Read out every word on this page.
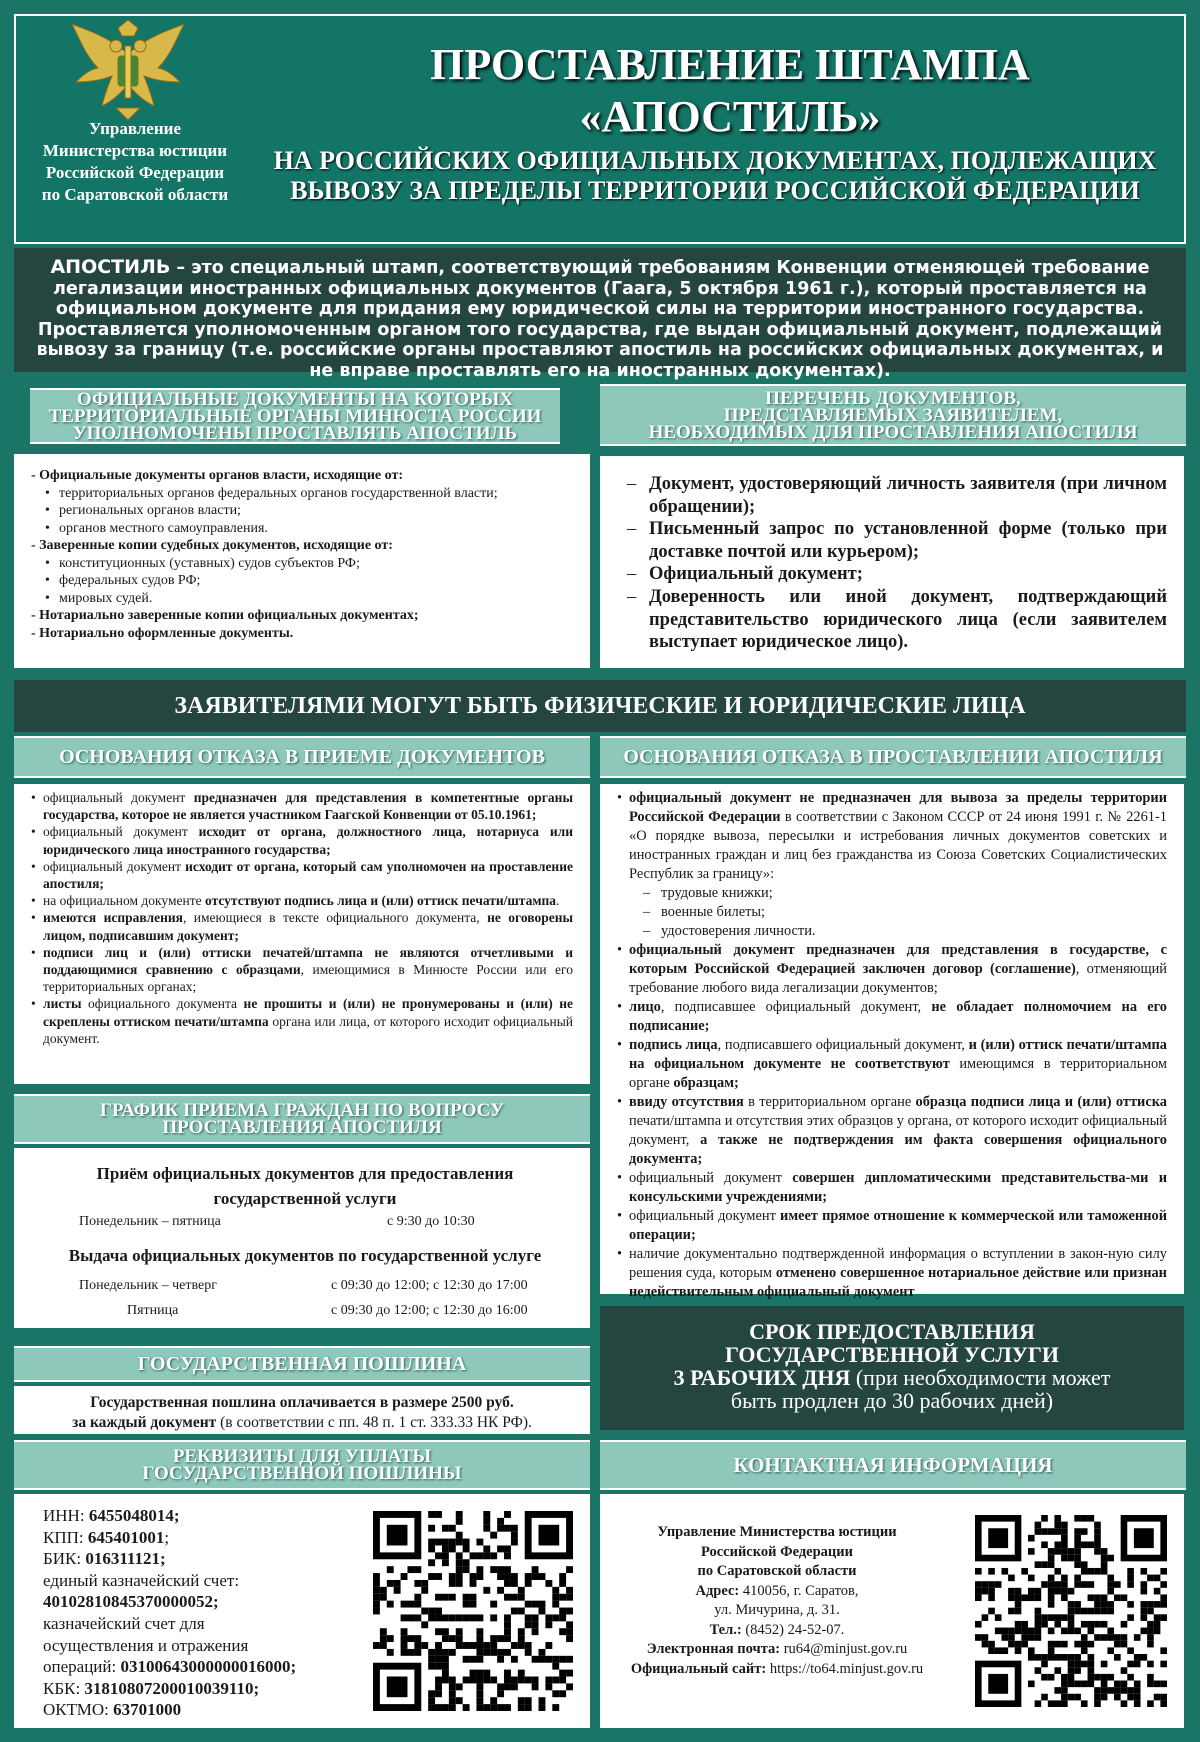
Управление
Министерства юстиции
Российской Федерации
по Саратовской области
ПРОСТАВЛЕНИЕ ШТАМПА
«АПОСТИЛЬ»
НА РОССИЙСКИХ ОФИЦИАЛЬНЫХ ДОКУМЕНТАХ, ПОДЛЕЖАЩИХ
ВЫВОЗУ ЗА ПРЕДЕЛЫ ТЕРРИТОРИИ РОССИЙСКОЙ ФЕДЕРАЦИИ
АПОСТИЛЬ – это специальный штамп, соответствующий требованиям Конвенции отменяющей требование легализации иностранных официальных документов (Гаага, 5 октября 1961 г.), который проставляется на официальном документе для придания ему юридической силы на территории иностранного государства. Проставляется уполномоченным органом того государства, где выдан официальный документ, подлежащий вывозу за границу (т.е. российские органы проставляют апостиль на российских официальных документах, и не вправе проставлять его на иностранных документах).
ОФИЦИАЛЬНЫЕ ДОКУМЕНТЫ НА КОТОРЫХ
ТЕРРИТОРИАЛЬНЫЕ ОРГАНЫ МИНЮСТА РОССИИ
УПОЛНОМОЧЕНЫ ПРОСТАВЛЯТЬ АПОСТИЛЬ
- Официальные документы органов власти, исходящие от:
• территориальных органов федеральных органов государственной власти;
• региональных органов власти;
• органов местного самоуправления.
- Заверенные копии судебных документов, исходящие от:
• конституционных (уставных) судов субъектов РФ;
• федеральных судов РФ;
• мировых судей.
- Нотариально заверенные копии официальных документах;
- Нотариально оформленные документы.
ПЕРЕЧЕНЬ ДОКУМЕНТОВ,
ПРЕДСТАВЛЯЕМЫХ ЗАЯВИТЕЛЕМ,
НЕОБХОДИМЫХ ДЛЯ ПРОСТАВЛЕНИЯ АПОСТИЛЯ
– Документ, удостоверяющий личность заявителя (при личном обращении);
– Письменный запрос по установленной форме (только при доставке почтой или курьером);
– Официальный документ;
– Доверенность или иной документ, подтверждающий представительство юридического лица (если заявителем выступает юридическое лицо).
ЗАЯВИТЕЛЯМИ МОГУТ БЫТЬ ФИЗИЧЕСКИЕ И ЮРИДИЧЕСКИЕ ЛИЦА
ОСНОВАНИЯ ОТКАЗА В ПРИЕМЕ ДОКУМЕНТОВ
• официальный документ предназначен для представления в компетентные органы государства, которое не является участником Гаагской Конвенции от 05.10.1961;
• официальный документ исходит от органа, должностного лица, нотариуса или юридического лица иностранного государства;
• официальный документ исходит от органа, который сам уполномочен на проставление апостиля;
• на официальном документе отсутствуют подпись лица и (или) оттиск печати/штампа.
• имеются исправления, имеющиеся в тексте официального документа, не оговорены лицом, подписавшим документ;
• подписи лиц и (или) оттиски печатей/штампа не являются отчетливыми и поддающимися сравнению с образцами, имеющимися в Минюсте России или его территориальных органах;
• листы официального документа не прошиты и (или) не пронумерованы и (или) не скреплены оттиском печати/штампа органа или лица, от которого исходит официальный документ.
ОСНОВАНИЯ ОТКАЗА В ПРОСТАВЛЕНИИ АПОСТИЛЯ
• официальный документ не предназначен для вывоза за пределы территории Российской Федерации в соответствии с Законом СССР от 24 июня 1991 г. № 2261-1 «О порядке вывоза, пересылки и истребования личных документов советских и иностранных граждан и лиц без гражданства из Союза Советских Социалистических Республик за границу»:
– трудовые книжки;
– военные билеты;
– удостоверения личности.
• официальный документ предназначен для представления в государстве, с которым Российской Федерацией заключен договор (соглашение), отменяющий требование любого вида легализации документов;
• лицо, подписавшее официальный документ, не обладает полномочием на его подписание;
• подпись лица, подписавшего официальный документ, и (или) оттиск печати/штампа на официальном документе не соответствуют имеющимся в территориальном органе образцам;
• ввиду отсутствия в территориальном органе образца подписи лица и (или) оттиска печати/штампа и отсутствия этих образцов у органа, от которого исходит официальный документ, а также не подтверждения им факта совершения официального документа;
• официальный документ совершен дипломатическими представительства-ми и консульскими учреждениями;
• официальный документ имеет прямое отношение к коммерческой или таможенной операции;
• наличие документально подтвержденной информация о вступлении в закон-ную силу решения суда, которым отменено совершенное нотариальное действие или признан недействительным официальный документ
ГРАФИК ПРИЕМА ГРАЖДАН ПО ВОПРОСУ
ПРОСТАВЛЕНИЯ АПОСТИЛЯ
Приём официальных документов для предоставления
государственной услуги
Понедельник – пятница	с 9:30 до 10:30
Выдача официальных документов по государственной услуге
Понедельник – четверг	с 09:30 до 12:00; с 12:30 до 17:00
Пятница	с 09:30 до 12:00; с 12:30 до 16:00
ГОСУДАРСТВЕННАЯ ПОШЛИНА
Государственная пошлина оплачивается в размере 2500 руб.
за каждый документ (в соответствии с пп. 48 п. 1 ст. 333.33 НК РФ).
РЕКВИЗИТЫ ДЛЯ УПЛАТЫ
ГОСУДАРСТВЕННОЙ ПОШЛИНЫ
ИНН: 6455048014;
КПП: 645401001;
БИК: 016311121;
единый казначейский счет:
40102810845370000052;
казначейский счет для
осуществления и отражения
операций: 03100643000000016000;
КБК: 31810807200010039110;
ОКТМО: 63701000
СРОК ПРЕДОСТАВЛЕНИЯ
ГОСУДАРСТВЕННОЙ УСЛУГИ
3 РАБОЧИХ ДНЯ (при необходимости может
быть продлен до 30 рабочих дней)
КОНТАКТНАЯ ИНФОРМАЦИЯ
Управление Министерства юстиции
Российской Федерации
по Саратовской области
Адрес: 410056, г. Саратов,
ул. Мичурина, д. 31.
Тел.: (8452) 24-52-07.
Электронная почта: ru64@minjust.gov.ru
Официальный сайт: https://to64.minjust.gov.ru
